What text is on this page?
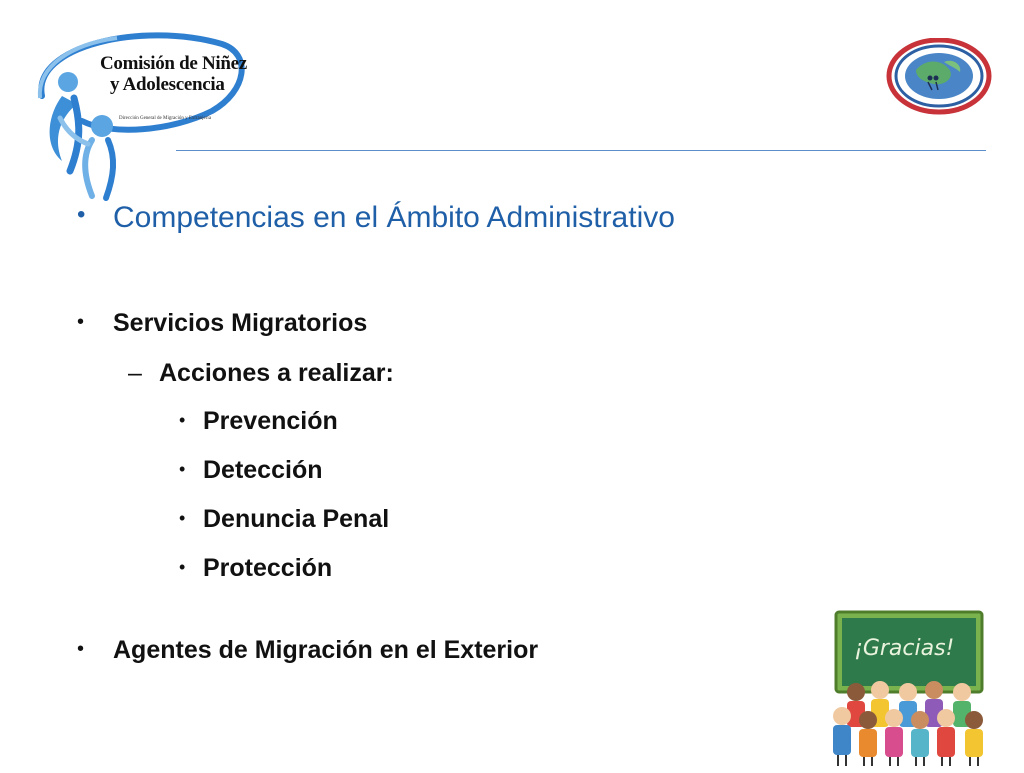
Comisión de Niñez
y Adolescencia
Dirección General de Migración y Extranjería
• Competencias en el Ámbito Administrativo
• Servicios Migratorios
– Acciones a realizar:
• Prevención
• Detección
• Denuncia Penal
• Protección
• Agentes de Migración en el Exterior	¡Gracias!
